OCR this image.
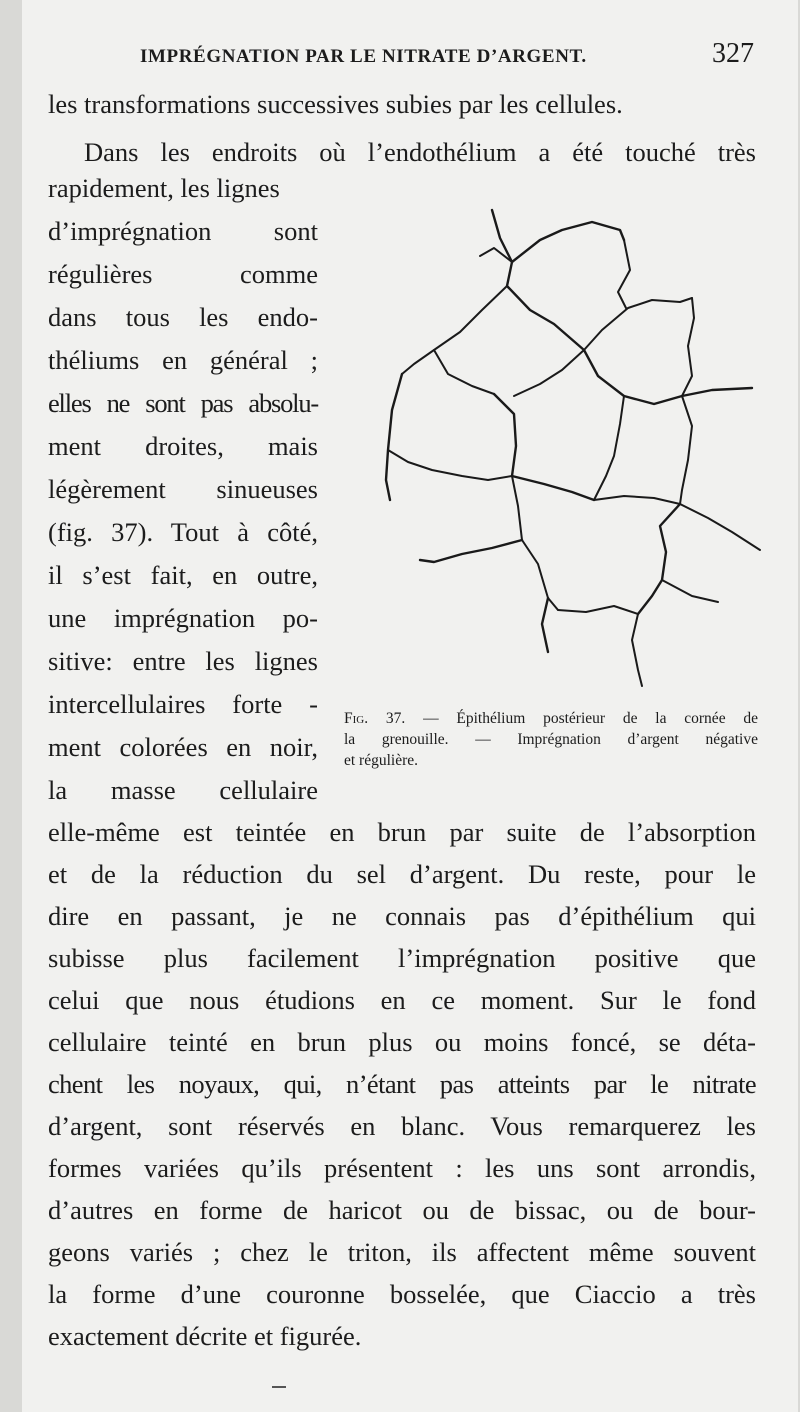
IMPRÉGNATION PAR LE NITRATE D’ARGENT.	327
les transformations successives subies par les cellules.
Dans les endroits où l’endothélium a été touché très
rapidement, les lignes
d’imprégnation sont
régulières comme
dans tous les endo-
théliums en général ;
elles ne sont pas absolu-
ment droites, mais
légèrement sinueuses
(fig. 37). Tout à côté,
il s’est fait, en outre,
une imprégnation po-
sitive: entre les lignes
intercellulaires forte -
ment colorées en noir,
la masse cellulaire
Fig. 37. — Épithélium postérieur de la cornée de
la grenouille. — Imprégnation d’argent négative
et régulière.
elle-même est teintée en brun par suite de l’absorption
et de la réduction du sel d’argent. Du reste, pour le
dire en passant, je ne connais pas d’épithélium qui
subisse plus facilement l’imprégnation positive que
celui que nous étudions en ce moment. Sur le fond
cellulaire teinté en brun plus ou moins foncé, se déta-
chent les noyaux, qui, n’étant pas atteints par le nitrate
d’argent, sont réservés en blanc. Vous remarquerez les
formes variées qu’ils présentent : les uns sont arrondis,
d’autres en forme de haricot ou de bissac, ou de bour-
geons variés ; chez le triton, ils affectent même souvent
la forme d’une couronne bosselée, que Ciaccio a très
exactement décrite et figurée.
